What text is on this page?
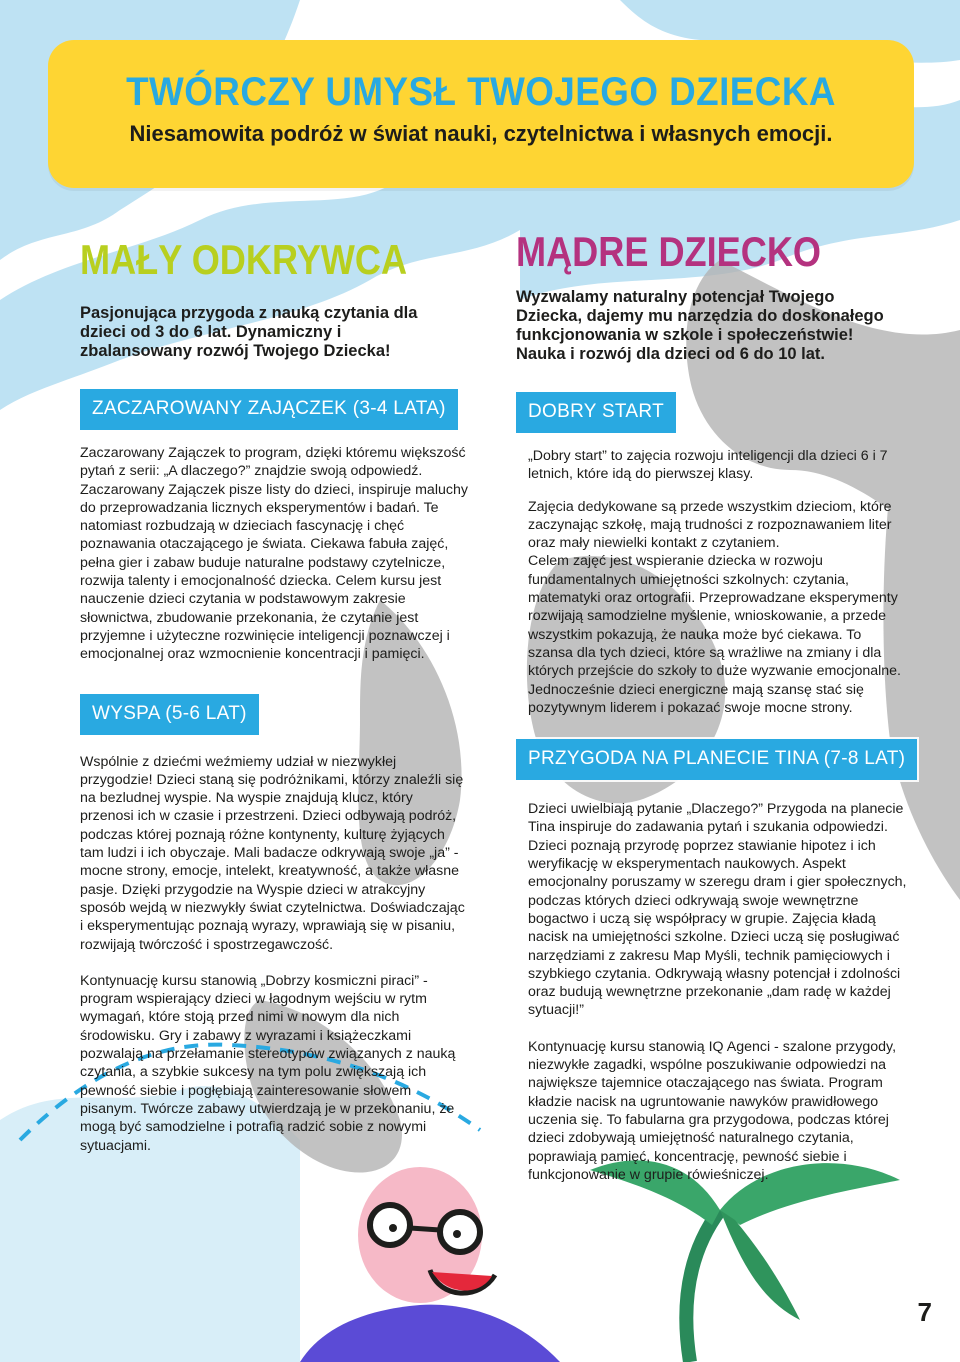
TWÓRCZY UMYSŁ TWOJEGO DZIECKA

Niesamowita podróż w świat nauki, czytelnictwa i własnych emocji.

MAŁY ODKRYWCA

Pasjonująca przygoda z nauką czytania dla dzieci od 3 do 6 lat. Dynamiczny i zbalansowany rozwój Twojego Dziecka!

ZACZAROWANY ZAJĄCZEK (3-4 LATA)

Zaczarowany Zajączek to program, dzięki któremu większość pytań z serii: „A dlaczego?” znajdzie swoją odpowiedź. Zaczarowany Zajączek pisze listy do dzieci, inspiruje maluchy do przeprowadzania licznych eksperymentów i badań. Te natomiast rozbudzają w dzieciach fascynację i chęć poznawania otaczającego je świata. Ciekawa fabuła zajęć, pełna gier i zabaw buduje naturalne podstawy czytelnicze, rozwija talenty i emocjonalność dziecka. Celem kursu jest nauczenie dzieci czytania w podstawowym zakresie słownictwa, zbudowanie przekonania, że czytanie jest przyjemne i użyteczne rozwinięcie inteligencji poznawczej i emocjonalnej oraz wzmocnienie koncentracji i pamięci.

WYSPA (5-6 LAT)

Wspólnie z dziećmi weźmiemy udział w niezwykłej przygodzie! Dzieci staną się podróżnikami, którzy znaleźli się na bezludnej wyspie. Na wyspie znajdują klucz, który przenosi ich w czasie i przestrzeni. Dzieci odbywają podróż, podczas której poznają różne kontynenty, kulturę żyjących tam ludzi i ich obyczaje. Mali badacze odkrywają swoje „ja” - mocne strony, emocje, intelekt, kreatywność, a także własne pasje. Dzięki przygodzie na Wyspie dzieci w atrakcyjny sposób wejdą w niezwykły świat czytelnictwa. Doświadczając i eksperymentując poznają wyrazy, wprawiają się w pisaniu, rozwijają twórczość i spostrzegawczość.

Kontynuację kursu stanowią „Dobrzy kosmiczni piraci” - program wspierający dzieci w łagodnym wejściu w rytm wymagań, które stoją przed nimi w nowym dla nich środowisku. Gry i zabawy z wyrazami i książeczkami pozwalają na przełamanie stereotypów związanych z nauką czytania, a szybkie sukcesy na tym polu zwiększają ich pewność siebie i pogłębiają zainteresowanie słowem pisanym. Twórcze zabawy utwierdzają je w przekonaniu, że mogą być samodzielne i potrafią radzić sobie z nowymi sytuacjami.

MĄDRE DZIECKO

Wyzwalamy naturalny potencjał Twojego Dziecka, dajemy mu narzędzia do doskonałego funkcjonowania w szkole i społeczeństwie! Nauka i rozwój dla dzieci od 6 do 10 lat.

DOBRY START

„Dobry start” to zajęcia rozwoju inteligencji dla dzieci 6 i 7 letnich, które idą do pierwszej klasy.

Zajęcia dedykowane są przede wszystkim dzieciom, które zaczynając szkołę, mają trudności z rozpoznawaniem liter oraz mały niewielki kontakt z czytaniem.

Celem zajęć jest wspieranie dziecka w rozwoju fundamentalnych umiejętności szkolnych: czytania, matematyki oraz ortografii. Przeprowadzane eksperymenty rozwijają samodzielne myślenie, wnioskowanie, a przede wszystkim pokazują, że nauka może być ciekawa. To szansa dla tych dzieci, które są wrażliwe na zmiany i dla których przejście do szkoły to duże wyzwanie emocjonalne. Jednocześnie dzieci energiczne mają szansę stać się pozytywnym liderem i pokazać swoje mocne strony.

PRZYGODA NA PLANECIE TINA (7-8 LAT)

Dzieci uwielbiają pytanie „Dlaczego?” Przygoda na planecie Tina inspiruje do zadawania pytań i szukania odpowiedzi. Dzieci poznają przyrodę poprzez stawianie hipotez i ich weryfikację w eksperymentach naukowych. Aspekt emocjonalny poruszamy w szeregu dram i gier społecznych, podczas których dzieci odkrywają swoje wewnętrzne bogactwo i uczą się współpracy w grupie. Zajęcia kładą nacisk na umiejętności szkolne. Dzieci uczą się posługiwać narzędziami z zakresu Map Myśli, technik pamięciowych i szybkiego czytania. Odkrywają własny potencjał i zdolności oraz budują wewnętrzne przekonanie „dam radę w każdej sytuacji!”

Kontynuację kursu stanowią IQ Agenci - szalone przygody, niezwykłe zagadki, wspólne poszukiwanie odpowiedzi na największe tajemnice otaczającego nas świata. Program kładzie nacisk na ugruntowanie nawyków prawidłowego uczenia się. To fabularna gra przygodowa, podczas której dzieci zdobywają umiejętność naturalnego czytania, poprawiają pamięć, koncentrację, pewność siebie i funkcjonowanie w grupie rówieśniczej.

7
